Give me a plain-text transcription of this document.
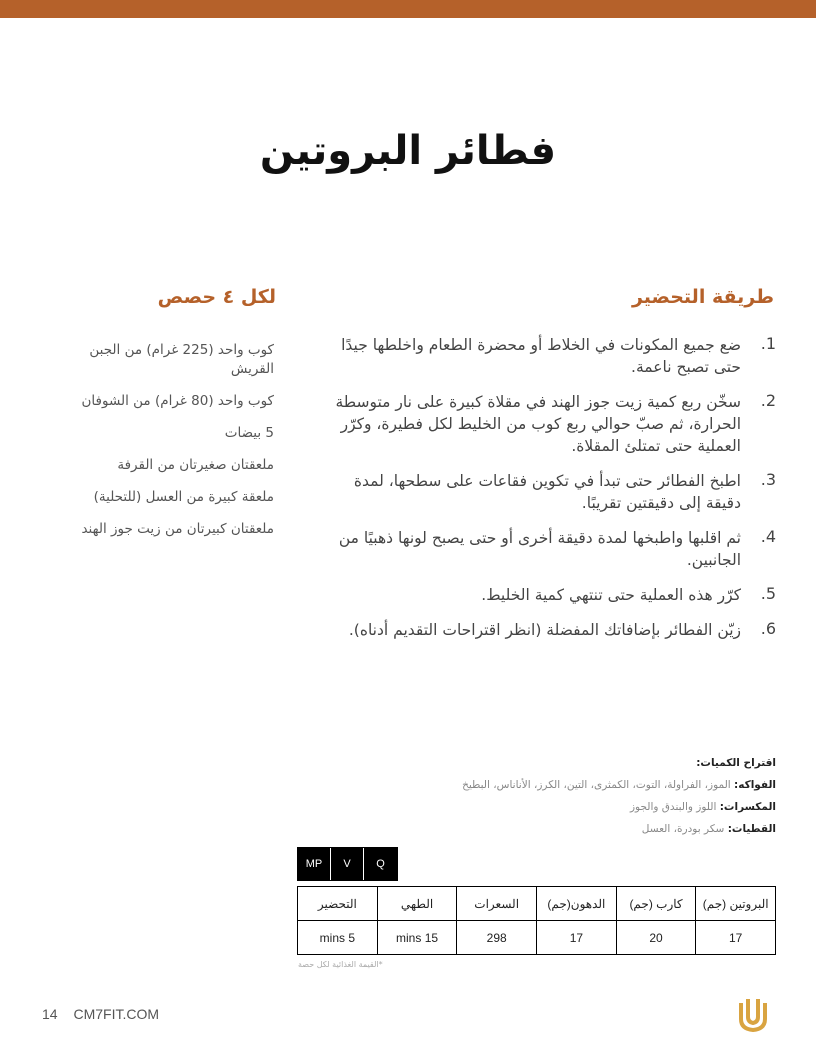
فطائر البروتين
طريقة التحضير
لكل ٤ حصص
1.
ضع جميع المكونات في الخلاط أو محضرة الطعام واخلطها جيدًا حتى تصبح ناعمة.
2.
سخّن ربع كمية زيت جوز الهند في مقلاة كبيرة على نار متوسطة الحرارة، ثم صبّ حوالي ربع كوب من الخليط لكل فطيرة، وكرّر العملية حتى تمتلئ المقلاة.
3.
اطبخ الفطائر حتى تبدأ في تكوين فقاعات على سطحها، لمدة دقيقة إلى دقيقتين تقريبًا.
4.
ثم اقلبها واطبخها لمدة دقيقة أخرى أو حتى يصبح لونها ذهبيًا من الجانبين.
5.
كرّر هذه العملية حتى تنتهي كمية الخليط.
6.
زيّن الفطائر بإضافاتك المفضلة (انظر اقتراحات التقديم أدناه).
كوب واحد (225 غرام) من الجبن القريش
كوب واحد (80 غرام) من الشوفان
5 بيضات
ملعقتان صغيرتان من القرفة
ملعقة كبيرة من العسل (للتحلية)
ملعقتان كبيرتان من زيت جوز الهند
اقتراح الكميات:
الفواكه: الموز، الفراولة، التوت، الكمثرى، التين، الكرز، الأناناس، البطيخ
المكسرات: اللوز والبندق والجوز
القطيات: سكر بودرة، العسل
MP	V	Q
البروتين (جم)	كارب (جم)	الدهون(جم)	السعرات	الطهي	التحضير
17	20	17	298	15 mins	5 mins
*القيمة الغذائية لكل حصة
14 CM7FIT.COM
